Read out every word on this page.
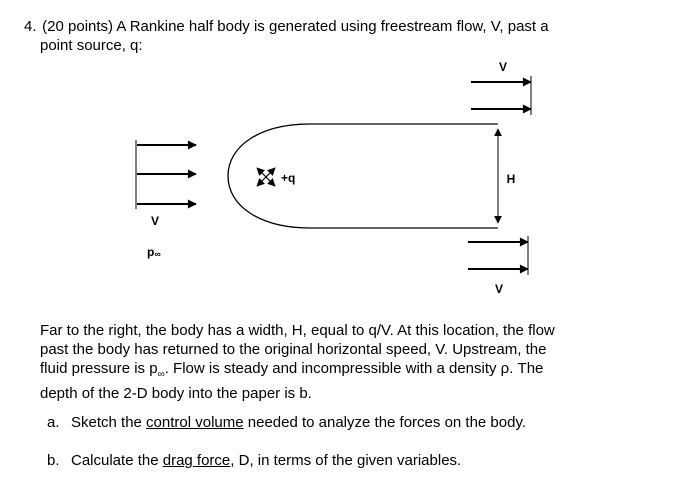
4. (20 points) A Rankine half body is generated using freestream flow, V, past a
point source, q:
V
p∞
+q	H
V
V
Far to the right, the body has a width, H, equal to q/V. At this location, the flow
past the body has returned to the original horizontal speed, V. Upstream, the
fluid pressure is $p_\infty$. Flow is steady and incompressible with a density ρ. The
depth of the 2-D body into the paper is b.
a. Sketch the control volume needed to analyze the forces on the body.
b. Calculate the drag force, D, in terms of the given variables.
